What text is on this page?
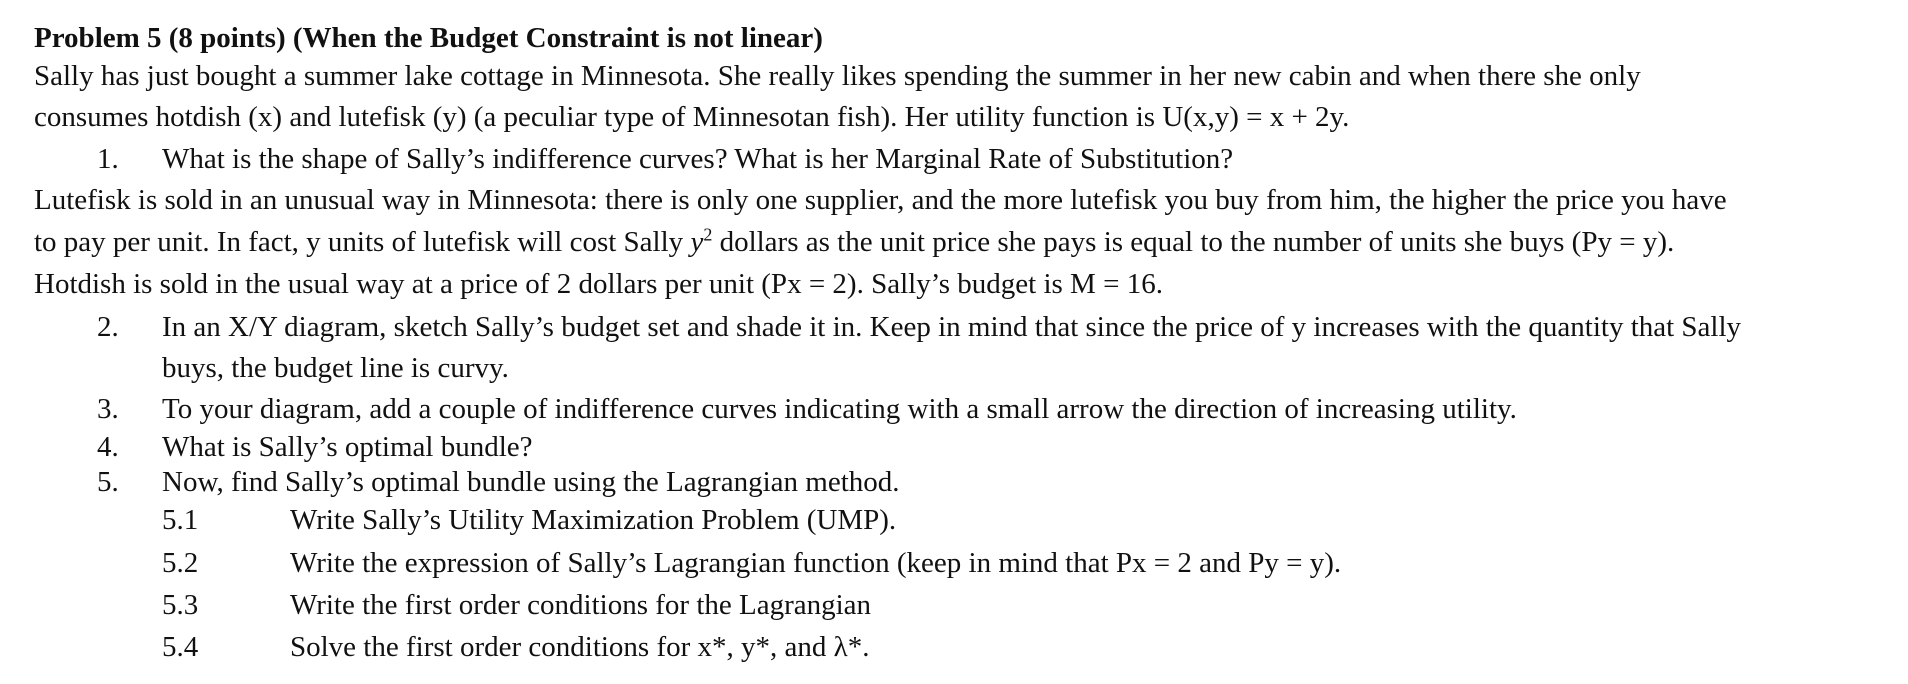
Problem 5 (8 points) (When the Budget Constraint is not linear)
Sally has just bought a summer lake cottage in Minnesota. She really likes spending the summer in her new cabin and when there she only
consumes hotdish (x) and lutefisk (y) (a peculiar type of Minnesotan fish). Her utility function is U(x,y) = x + 2y.
1. What is the shape of Sally’s indifference curves? What is her Marginal Rate of Substitution?
Lutefisk is sold in an unusual way in Minnesota: there is only one supplier, and the more lutefisk you buy from him, the higher the price you have
to pay per unit. In fact, y units of lutefisk will cost Sally $y^2$ dollars as the unit price she pays is equal to the number of units she buys (Py = y).
Hotdish is sold in the usual way at a price of 2 dollars per unit (Px = 2). Sally’s budget is M = 16.
2. In an X/Y diagram, sketch Sally’s budget set and shade it in. Keep in mind that since the price of y increases with the quantity that Sally
buys, the budget line is curvy.
3. To your diagram, add a couple of indifference curves indicating with a small arrow the direction of increasing utility.
4. What is Sally’s optimal bundle?
5. Now, find Sally’s optimal bundle using the Lagrangian method.
5.1	Write Sally’s Utility Maximization Problem (UMP).
5.2	Write the expression of Sally’s Lagrangian function (keep in mind that Px = 2 and Py = y).
5.3	Write the first order conditions for the Lagrangian
5.4	Solve the first order conditions for x*, y*, and λ*.
